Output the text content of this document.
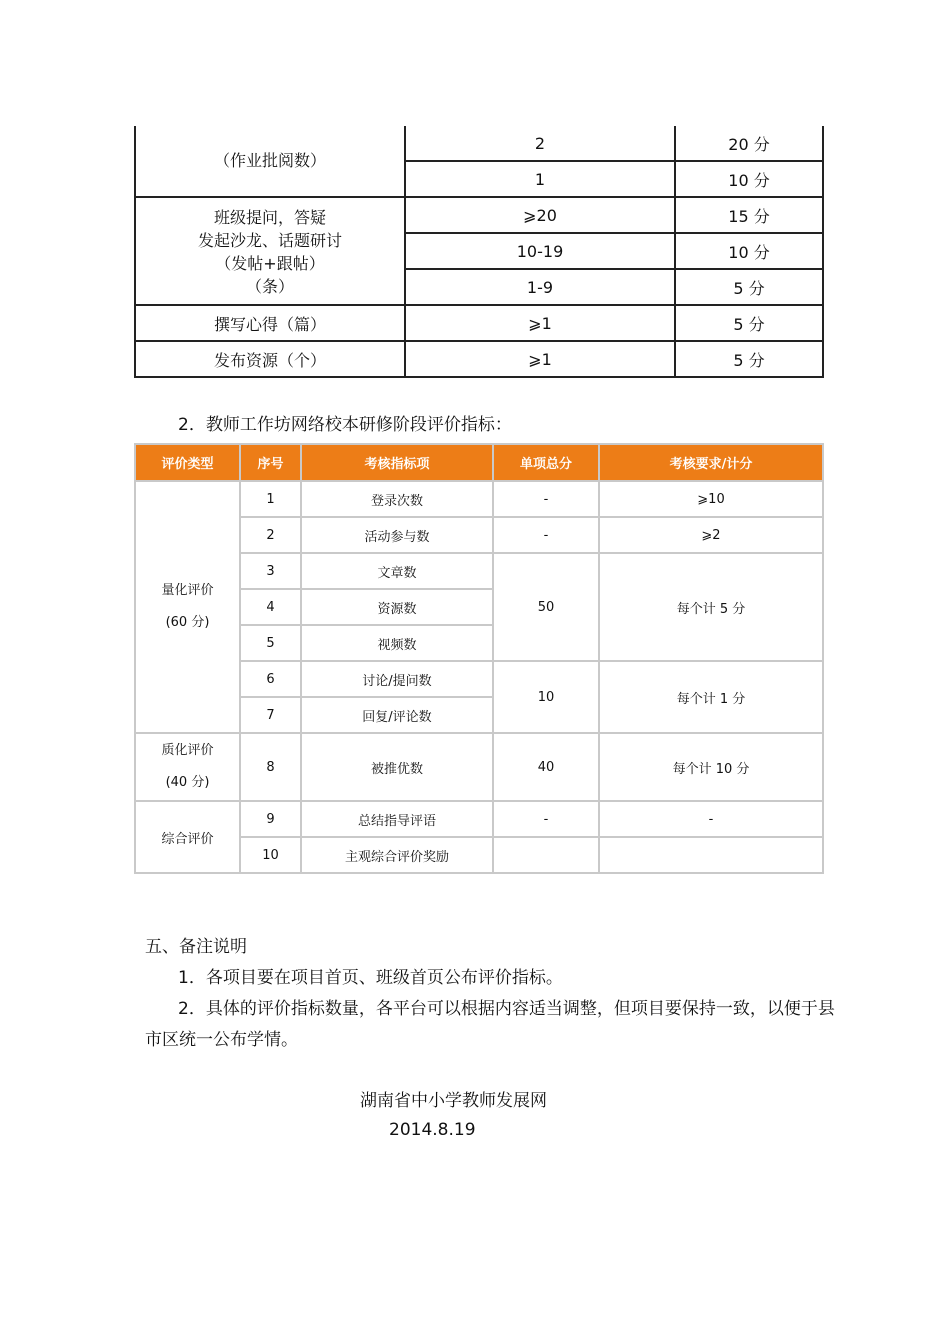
（作业批阅数）	2	20 分
	1	10 分

班级提问，答疑
发起沙龙、话题研讨
（发帖+跟帖）
（条）	⩾20	15 分
	10-19	10 分
	1-9	5 分
撰写心得（篇）	⩾1	5 分
发布资源（个）	⩾1	5 分
2．教师工作坊网络校本研修阶段评价指标：
评价类型	序号	考核指标项	单项总分	考核要求/计分

量化评价
(60 分)	1	登录次数	-	⩾10
	2	活动参与数	-	⩾2
	3	文章数	50	每个计 5 分
	4	资源数		
	5	视频数		
	6	讨论/提问数	10	每个计 1 分
	7	回复/评论数		

质化评价
(40 分)	8	被推优数	40	每个计 10 分
综合评价	9	总结指导评语	-	-
	10	主观综合评价奖励		
五、备注说明
1．各项目要在项目首页、班级首页公布评价指标。
2．具体的评价指标数量，各平台可以根据内容适当调整，但项目要保持一致，以便于县市区统一公布学情。
湖南省中小学教师发展网
2014.8.19
